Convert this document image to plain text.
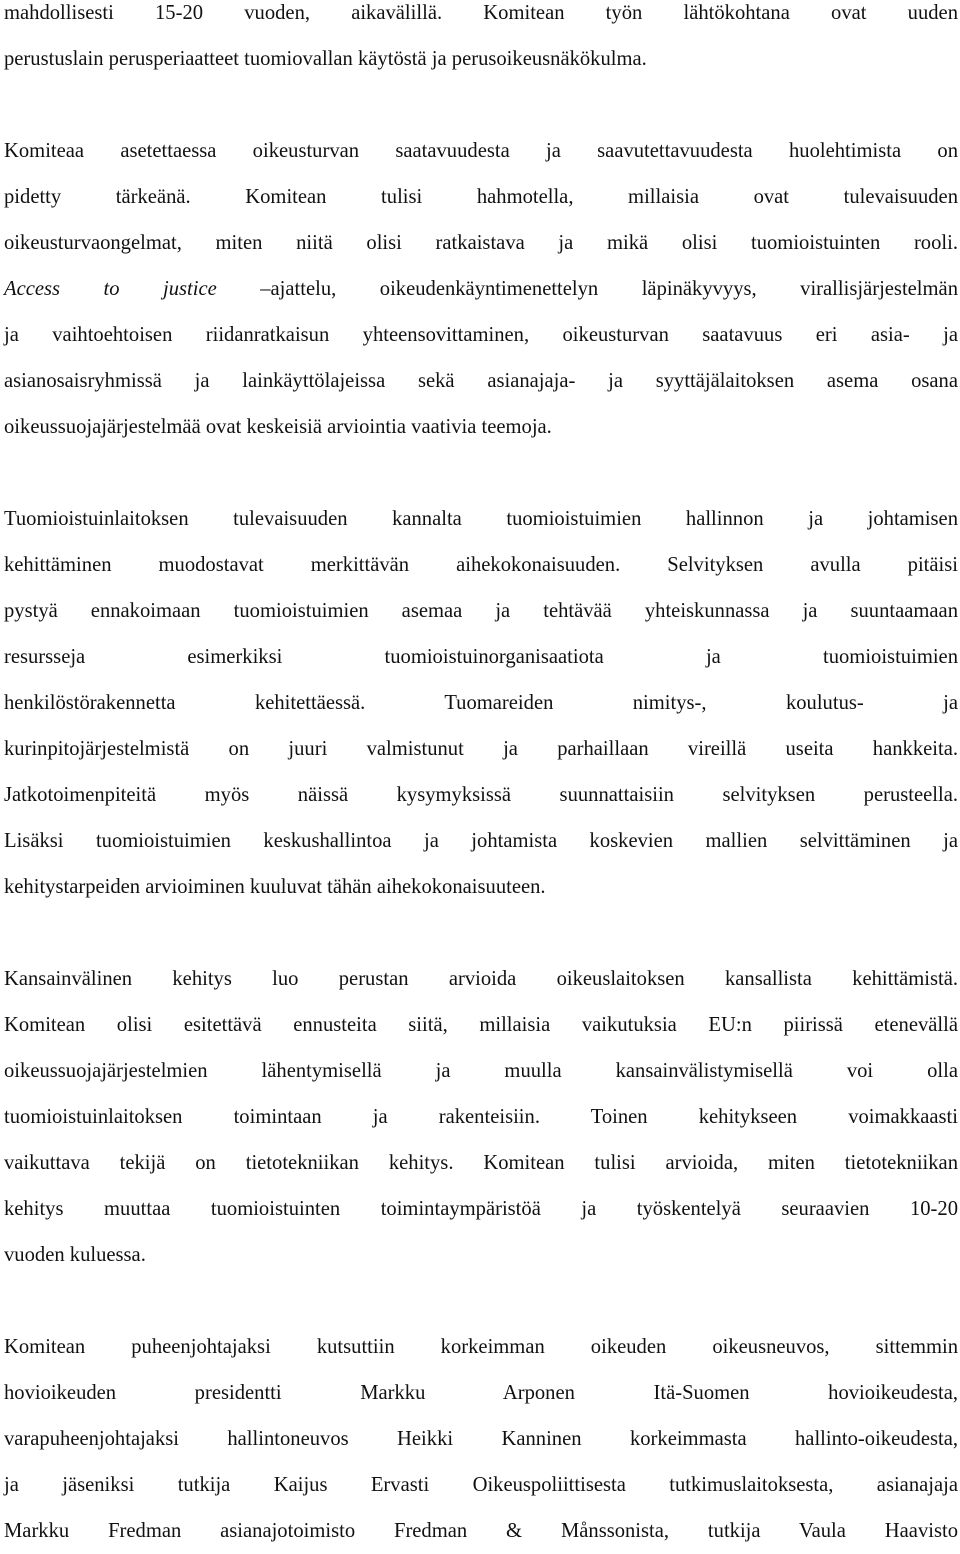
mahdollisesti 15-20 vuoden, aikavälillä. Komitean työn lähtökohtana ovat uuden
perustuslain perusperiaatteet tuomiovallan käytöstä ja perusoikeusnäkökulma.
Komiteaa asetettaessa oikeusturvan saatavuudesta ja saavutettavuudesta huolehtimista on
pidetty tärkeänä. Komitean tulisi hahmotella, millaisia ovat tulevaisuuden
oikeusturvaongelmat, miten niitä olisi ratkaistava ja mikä olisi tuomioistuinten rooli.
Access to justice –ajattelu, oikeudenkäyntimenettelyn läpinäkyvyys, virallisjärjestelmän
ja vaihtoehtoisen riidanratkaisun yhteensovittaminen, oikeusturvan saatavuus eri asia- ja
asianosaisryhmissä ja lainkäyttölajeissa sekä asianajaja- ja syyttäjälaitoksen asema osana
oikeussuojajärjestelmää ovat keskeisiä arviointia vaativia teemoja.
Tuomioistuinlaitoksen tulevaisuuden kannalta tuomioistuimien hallinnon ja johtamisen
kehittäminen muodostavat merkittävän aihekokonaisuuden. Selvityksen avulla pitäisi
pystyä ennakoimaan tuomioistuimien asemaa ja tehtävää yhteiskunnassa ja suuntaamaan
resursseja esimerkiksi tuomioistuinorganisaatiota ja tuomioistuimien
henkilöstörakennetta kehitettäessä. Tuomareiden nimitys-, koulutus- ja
kurinpitojärjestelmistä on juuri valmistunut ja parhaillaan vireillä useita hankkeita.
Jatkotoimenpiteitä myös näissä kysymyksissä suunnattaisiin selvityksen perusteella.
Lisäksi tuomioistuimien keskushallintoa ja johtamista koskevien mallien selvittäminen ja
kehitystarpeiden arvioiminen kuuluvat tähän aihekokonaisuuteen.
Kansainvälinen kehitys luo perustan arvioida oikeuslaitoksen kansallista kehittämistä.
Komitean olisi esitettävä ennusteita siitä, millaisia vaikutuksia EU:n piirissä etenevällä
oikeussuojajärjestelmien lähentymisellä ja muulla kansainvälistymisellä voi olla
tuomioistuinlaitoksen toimintaan ja rakenteisiin. Toinen kehitykseen voimakkaasti
vaikuttava tekijä on tietotekniikan kehitys. Komitean tulisi arvioida, miten tietotekniikan
kehitys muuttaa tuomioistuinten toimintaympäristöä ja työskentelyä seuraavien 10-20
vuoden kuluessa.
Komitean puheenjohtajaksi kutsuttiin korkeimman oikeuden oikeusneuvos, sittemmin
hovioikeuden presidentti Markku Arponen Itä-Suomen hovioikeudesta,
varapuheenjohtajaksi hallintoneuvos Heikki Kanninen korkeimmasta hallinto-oikeudesta,
ja jäseniksi tutkija Kaijus Ervasti Oikeuspoliittisesta tutkimuslaitoksesta, asianajaja
Markku Fredman asianajotoimisto Fredman & Månssonista, tutkija Vaula Haavisto
